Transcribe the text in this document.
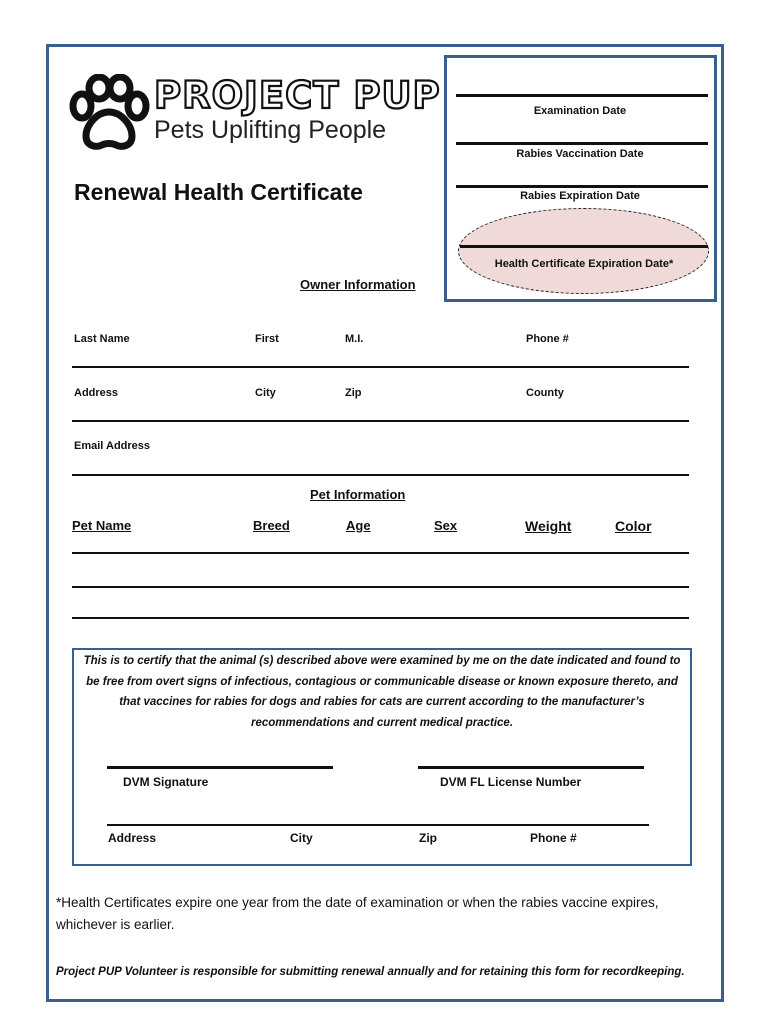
PROJECT PUP
Pets Uplifting People
Renewal Health Certificate
Examination Date
Rabies Vaccination Date
Rabies Expiration Date
Health Certificate Expiration Date*
Owner Information
Last Name	First	M.I.	Phone #
Address	City	Zip	County
Email Address
Pet Information
Pet Name	Breed	Age	Sex	Weight	Color
This is to certify that the animal (s) described above were examined by me on the date indicated and found to be free from overt signs of infectious, contagious or communicable disease or known exposure thereto, and that vaccines for rabies for dogs and rabies for cats are current according to the manufacturer’s recommendations and current medical practice.
DVM Signature	DVM FL License Number
Address	City	Zip	Phone #
*Health Certificates expire one year from the date of examination or when the rabies vaccine expires, whichever is earlier.
Project PUP Volunteer is responsible for submitting renewal annually and for retaining this form for recordkeeping.
